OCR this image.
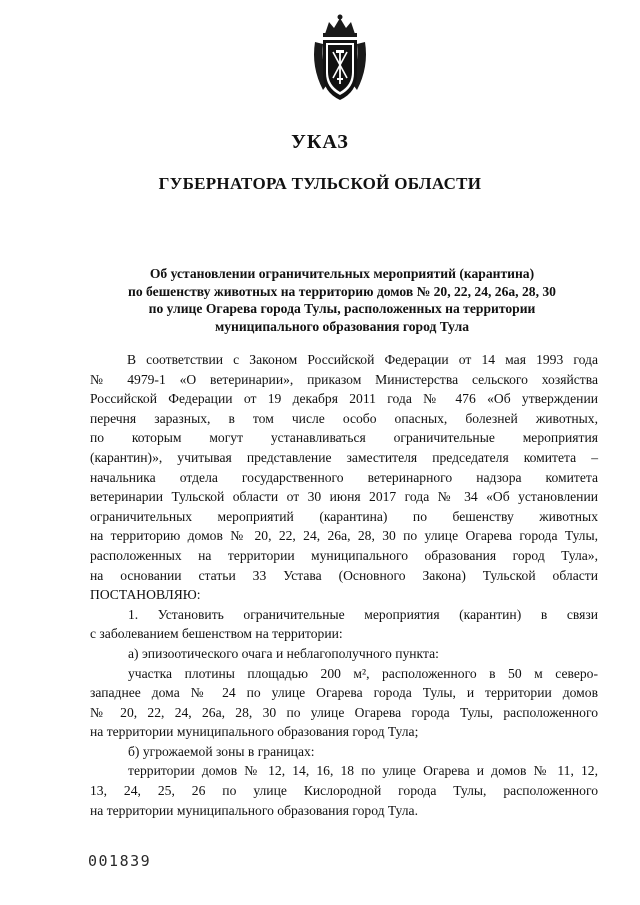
УКАЗ
ГУБЕРНАТОРА ТУЛЬСКОЙ ОБЛАСТИ
Об установлении ограничительных мероприятий (карантина)
по бешенству животных на территорию домов № 20, 22, 24, 26а, 28, 30
по улице Огарева города Тулы, расположенных на территории
муниципального образования город Тула
В соответствии с Законом Российской Федерации от 14 мая 1993 года
№ 4979-1 «О ветеринарии», приказом Министерства сельского хозяйства
Российской Федерации от 19 декабря 2011 года № 476 «Об утверждении
перечня заразных, в том числе особо опасных, болезней животных,
по которым могут устанавливаться ограничительные мероприятия
(карантин)», учитывая представление заместителя председателя комитета –
начальника отдела государственного ветеринарного надзора комитета
ветеринарии Тульской области от 30 июня 2017 года № 34 «Об установлении
ограничительных мероприятий (карантина) по бешенству животных
на территорию домов № 20, 22, 24, 26а, 28, 30 по улице Огарева города Тулы,
расположенных на территории муниципального образования город Тула»,
на основании статьи 33 Устава (Основного Закона) Тульской области
ПОСТАНОВЛЯЮ:
1. Установить ограничительные мероприятия (карантин) в связи
с заболеванием бешенством на территории:
а) эпизоотического очага и неблагополучного пункта:
участка плотины площадью 200 м², расположенного в 50 м северо-
западнее дома № 24 по улице Огарева города Тулы, и территории домов
№ 20, 22, 24, 26а, 28, 30 по улице Огарева города Тулы, расположенного
на территории муниципального образования город Тула;
б) угрожаемой зоны в границах:
территории домов № 12, 14, 16, 18 по улице Огарева и домов № 11, 12,
13, 24, 25, 26 по улице Кислородной города Тулы, расположенного
на территории муниципального образования город Тула.
001839
